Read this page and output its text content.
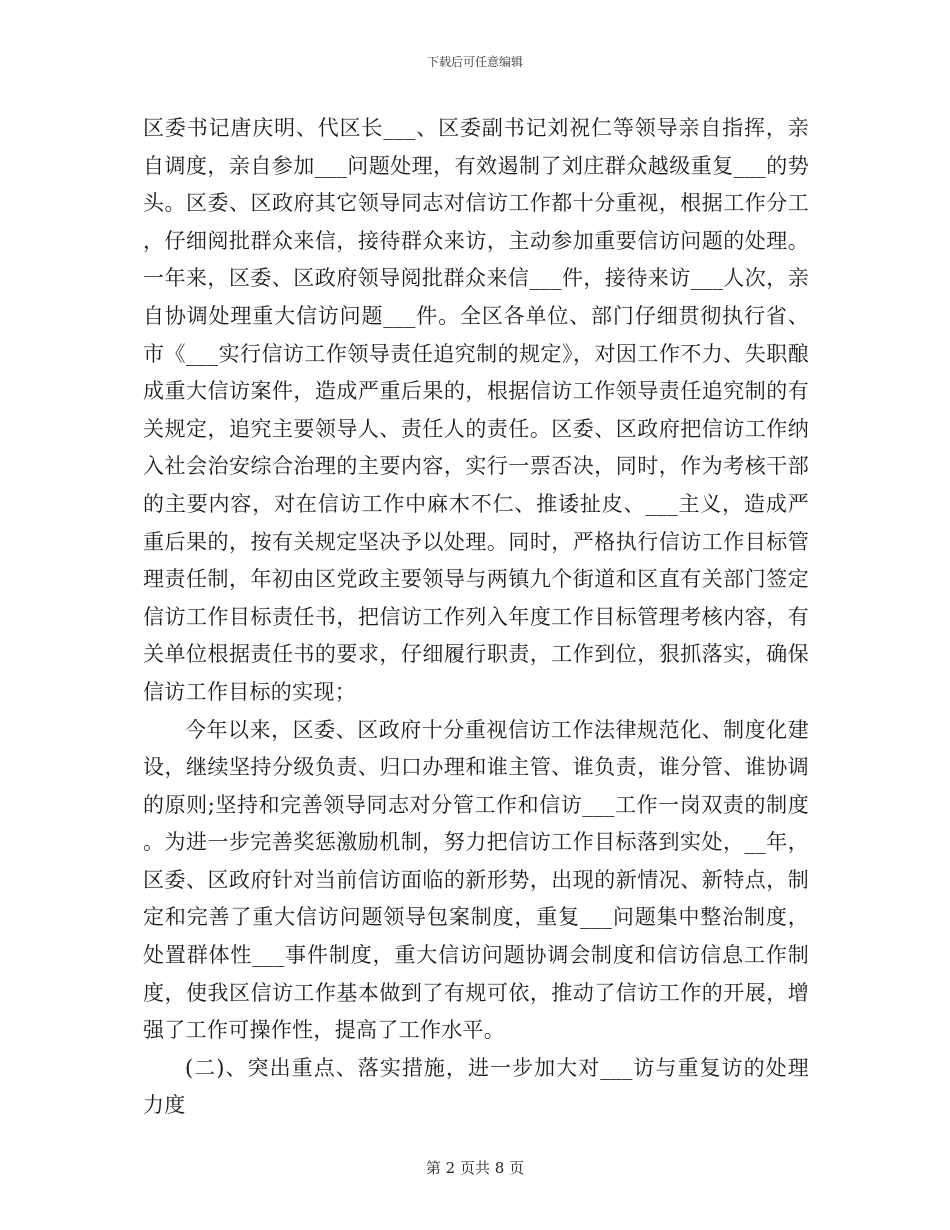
下载后可任意编辑

区委书记唐庆明、代区长___、区委副书记刘祝仁等领导亲自指挥，亲自调度，亲自参加___问题处理，有效遏制了刘庄群众越级重复___的势头。区委、区政府其它领导同志对信访工作都十分重视，根据工作分工，仔细阅批群众来信，接待群众来访，主动参加重要信访问题的处理。一年来，区委、区政府领导阅批群众来信___件，接待来访___人次，亲自协调处理重大信访问题___件。全区各单位、部门仔细贯彻执行省、市《___实行信访工作领导责任追究制的规定》，对因工作不力、失职酿成重大信访案件，造成严重后果的，根据信访工作领导责任追究制的有关规定，追究主要领导人、责任人的责任。区委、区政府把信访工作纳入社会治安综合治理的主要内容，实行一票否决，同时，作为考核干部的主要内容，对在信访工作中麻木不仁、推诿扯皮、___主义，造成严重后果的，按有关规定坚决予以处理。同时，严格执行信访工作目标管理责任制，年初由区党政主要领导与两镇九个街道和区直有关部门签定信访工作目标责任书，把信访工作列入年度工作目标管理考核内容，有关单位根据责任书的要求，仔细履行职责，工作到位，狠抓落实，确保信访工作目标的实现；

今年以来，区委、区政府十分重视信访工作法律规范化、制度化建设，继续坚持分级负责、归口办理和谁主管、谁负责，谁分管、谁协调的原则;坚持和完善领导同志对分管工作和信访___工作一岗双责的制度。为进一步完善奖惩激励机制，努力把信访工作目标落到实处，__年，区委、区政府针对当前信访面临的新形势，出现的新情况、新特点，制定和完善了重大信访问题领导包案制度，重复___问题集中整治制度，处置群体性___事件制度，重大信访问题协调会制度和信访信息工作制度，使我区信访工作基本做到了有规可依，推动了信访工作的开展，增强了工作可操作性，提高了工作水平。

(二)、突出重点、落实措施，进一步加大对___访与重复访的处理力度

第 2 页共 8 页
